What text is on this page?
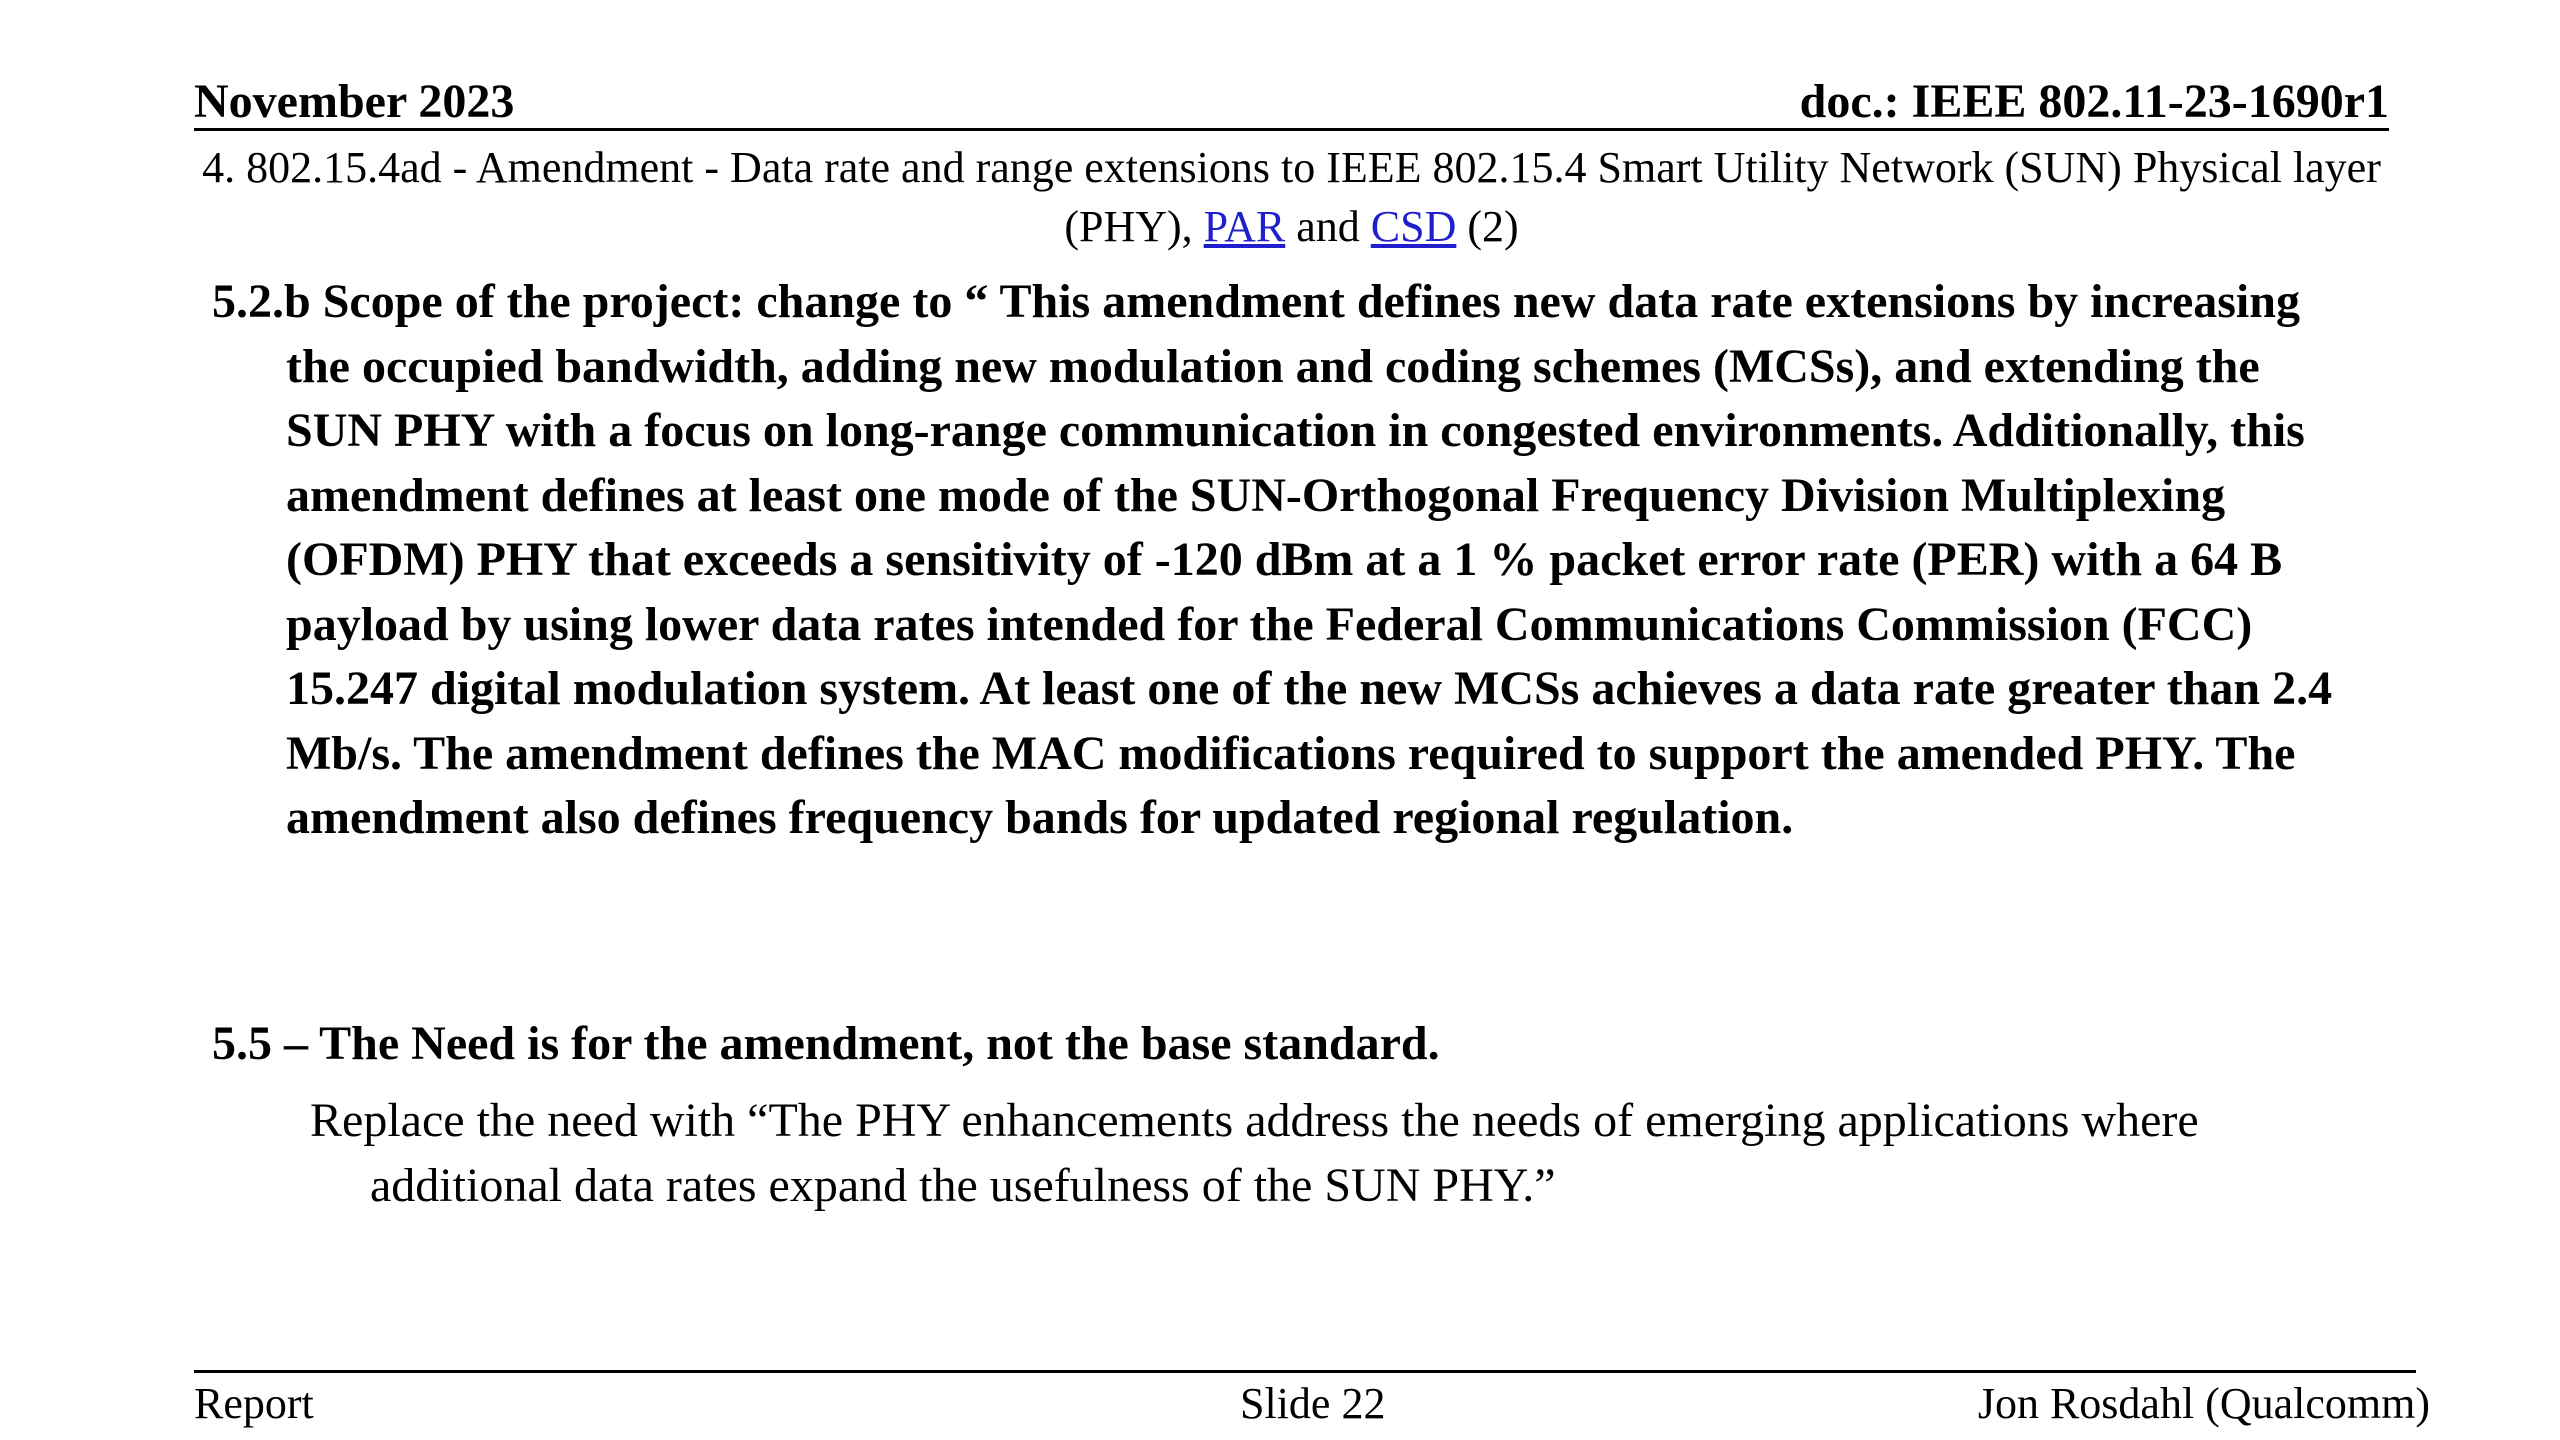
November 2023	doc.: IEEE 802.11-23-1690r1
4. 802.15.4ad - Amendment - Data rate and range extensions to IEEE 802.15.4 Smart Utility Network (SUN) Physical layer (PHY), PAR and CSD (2)
5.2.b Scope of the project: change to “ This amendment defines new data rate extensions by increasing the occupied bandwidth, adding new modulation and coding schemes (MCSs), and extending the SUN PHY with a focus on long-range communication in congested environments. Additionally, this amendment defines at least one mode of the SUN-Orthogonal Frequency Division Multiplexing (OFDM) PHY that exceeds a sensitivity of -120 dBm at a 1 % packet error rate (PER) with a 64 B payload by using lower data rates intended for the Federal Communications Commission (FCC) 15.247 digital modulation system. At least one of the new MCSs achieves a data rate greater than 2.4 Mb/s. The amendment defines the MAC modifications required to support the amended PHY. The amendment also defines frequency bands for updated regional regulation.
5.5 – The Need is for the amendment, not the base standard.
Replace the need with “The PHY enhancements address the needs of emerging applications where additional data rates expand the usefulness of the SUN PHY.”
Report	Slide 22	Jon Rosdahl (Qualcomm)
